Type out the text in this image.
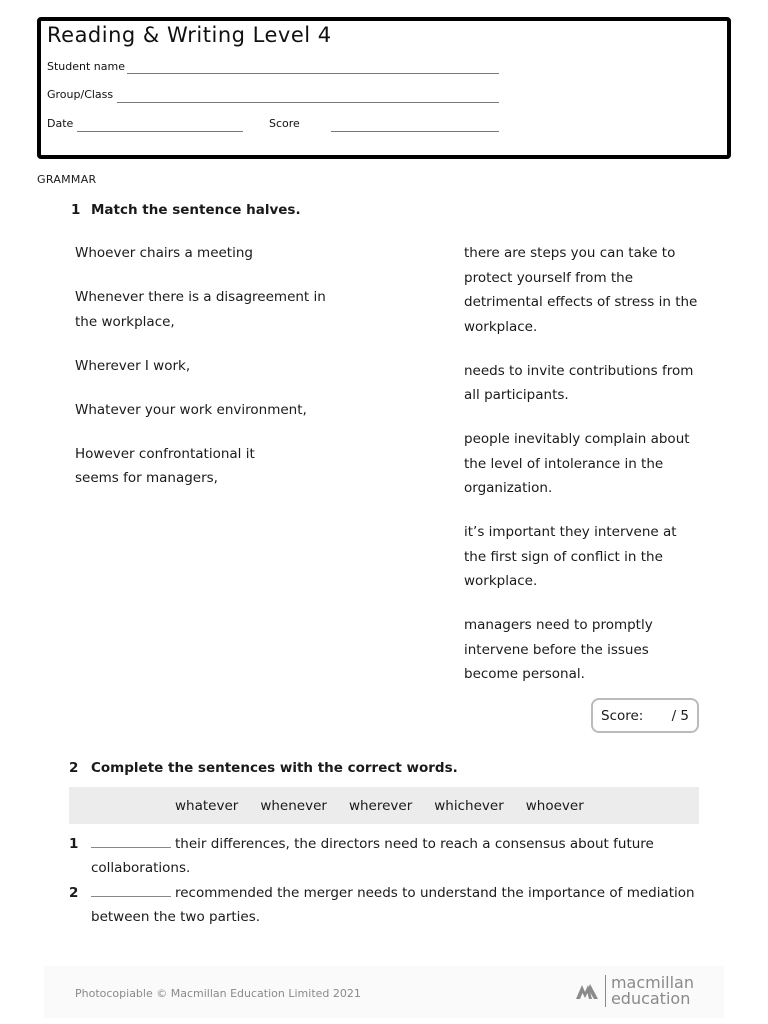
Reading & Writing Level 4
Student name
Group/Class
Date	Score
GRAMMAR
1 Match the sentence halves.

Whoever chairs a meeting

Whenever there is a disagreement in the workplace,

Wherever I work,

Whatever your work environment,

However confrontational it seems for managers,

there are steps you can take to protect yourself from the detrimental effects of stress in the workplace.

needs to invite contributions from all participants.

people inevitably complain about the level of intolerance in the organization.

it’s important they intervene at the first sign of conflict in the workplace.

managers need to promptly intervene before the issues become personal.

Score: / 5
2 Complete the sentences with the correct words.
whatever whenever wherever whichever whoever
1	their differences, the directors need to reach a consensus about future collaborations.
2	recommended the merger needs to understand the importance of mediation between the two parties.
Photocopiable © Macmillan Education Limited 2021
macmillan
education
